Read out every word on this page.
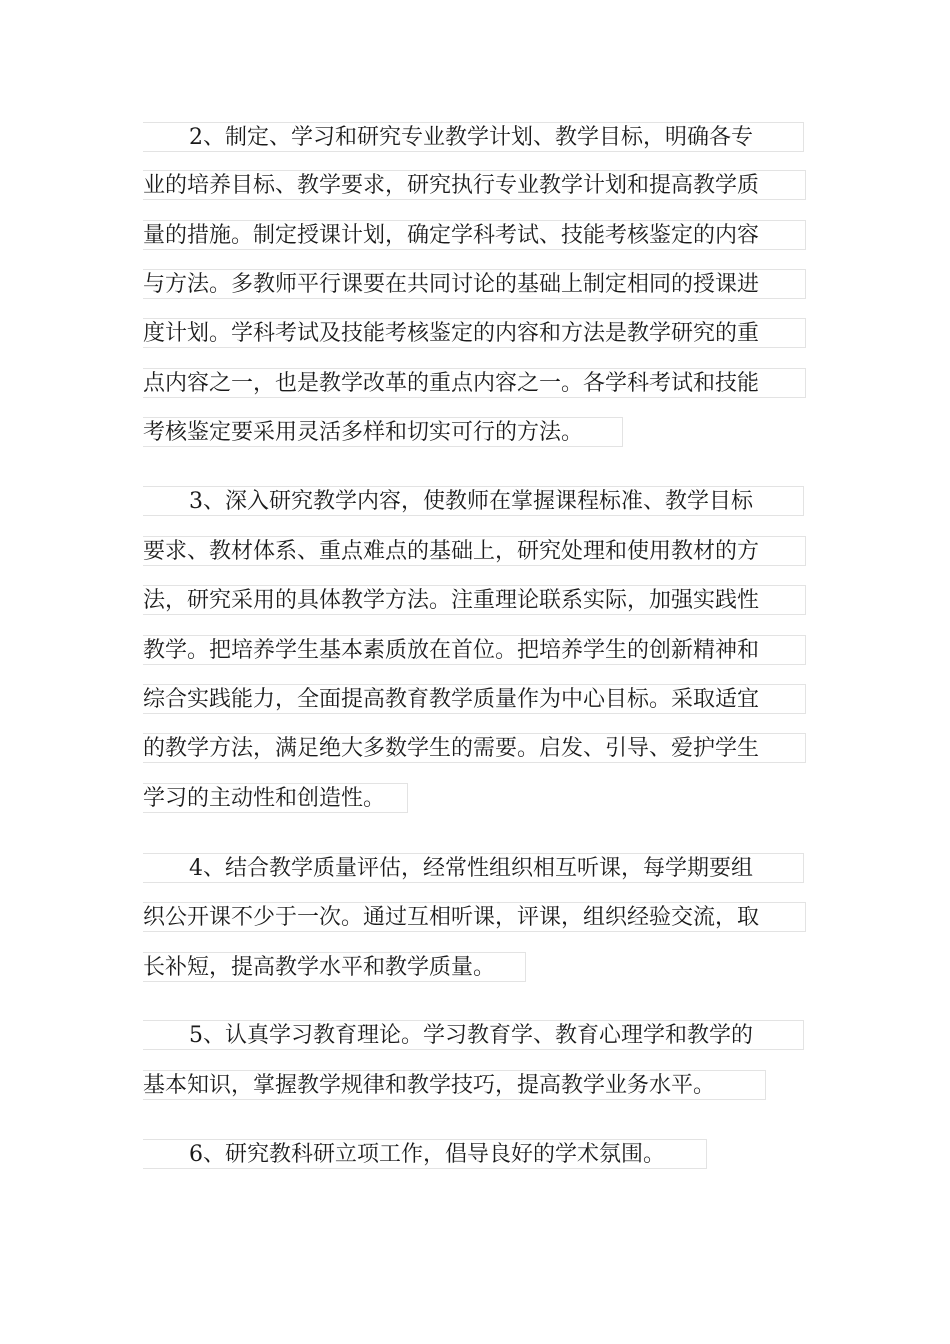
2、制定、学习和研究专业教学计划、教学目标，明确各专
业的培养目标、教学要求，研究执行专业教学计划和提高教学质
量的措施。制定授课计划，确定学科考试、技能考核鉴定的内容
与方法。多教师平行课要在共同讨论的基础上制定相同的授课进
度计划。学科考试及技能考核鉴定的内容和方法是教学研究的重
点内容之一，也是教学改革的重点内容之一。各学科考试和技能
考核鉴定要采用灵活多样和切实可行的方法。
3、深入研究教学内容，使教师在掌握课程标准、教学目标
要求、教材体系、重点难点的基础上，研究处理和使用教材的方
法，研究采用的具体教学方法。注重理论联系实际，加强实践性
教学。把培养学生基本素质放在首位。把培养学生的创新精神和
综合实践能力，全面提高教育教学质量作为中心目标。采取适宜
的教学方法，满足绝大多数学生的需要。启发、引导、爱护学生
学习的主动性和创造性。
4、结合教学质量评估，经常性组织相互听课，每学期要组
织公开课不少于一次。通过互相听课，评课，组织经验交流，取
长补短，提高教学水平和教学质量。
5、认真学习教育理论。学习教育学、教育心理学和教学的
基本知识，掌握教学规律和教学技巧，提高教学业务水平。
6、研究教科研立项工作，倡导良好的学术氛围。
